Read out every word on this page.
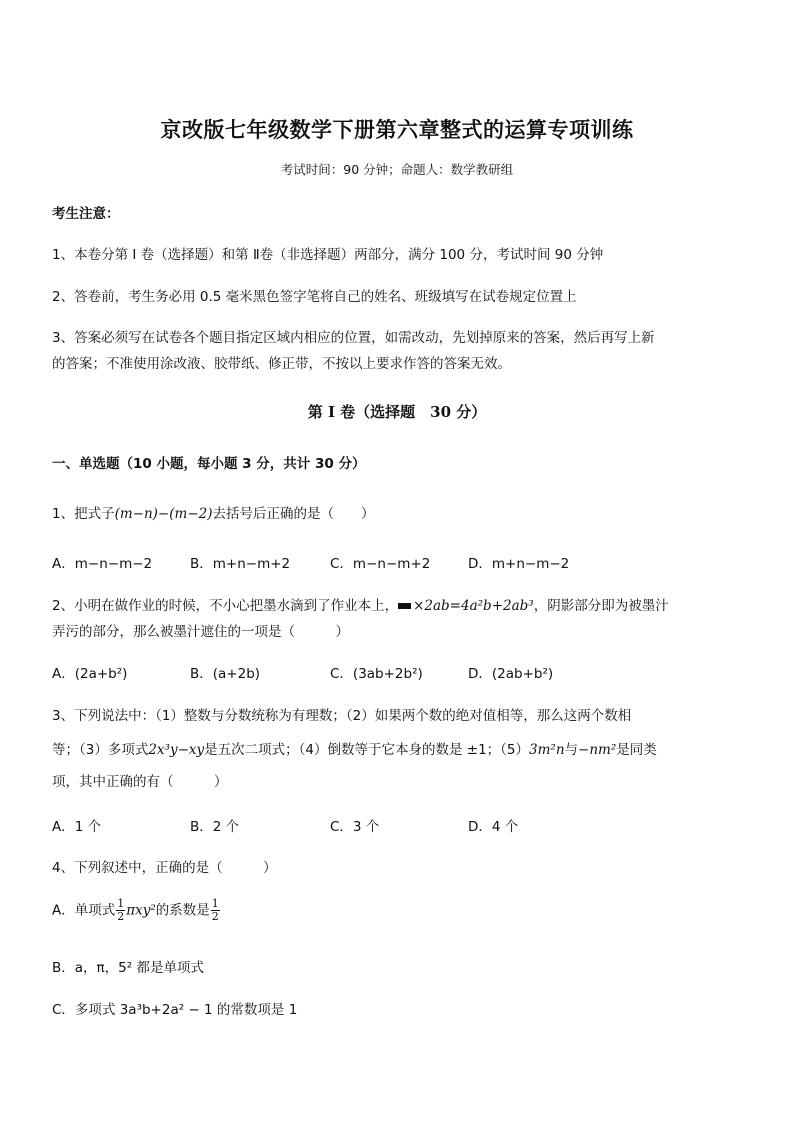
京改版七年级数学下册第六章整式的运算专项训练
考试时间：90 分钟；命题人：数学教研组
考生注意：
1、本卷分第 I 卷（选择题）和第 Ⅱ卷（非选择题）两部分，满分 100 分，考试时间 90 分钟
2、答卷前，考生务必用 0.5 毫米黑色签字笔将自己的姓名、班级填写在试卷规定位置上
3、答案必须写在试卷各个题目指定区域内相应的位置，如需改动，先划掉原来的答案，然后再写上新
的答案；不准使用涂改液、胶带纸、修正带，不按以上要求作答的答案无效。
第 I 卷（选择题　30 分）
一、单选题（10 小题，每小题 3 分，共计 30 分）
1、把式子(m−n)−(m−2)去括号后正确的是（　　）
A．m−n−m−2	B．m+n−m+2	C．m−n−m+2	D．m+n−m−2
2、小明在做作业的时候，不小心把墨水滴到了作业本上， ×2ab=4a²b+2ab³，阴影部分即为被墨汁
弄污的部分，那么被墨汁遮住的一项是（　　　）
A．(2a+b²)	B．(a+2b)	C．(3ab+2b²)	D．(2ab+b²)
3、下列说法中：（1）整数与分数统称为有理数；（2）如果两个数的绝对值相等，那么这两个数相
等；（3）多项式2x³y−xy是五次二项式；（4）倒数等于它本身的数是 ±1；（5）3m²n与−nm²是同类
项，其中正确的有（　　　）
A．1 个	B．2 个	C．3 个	D．4 个
4、下列叙述中，正确的是（　　　）
A．单项式 $\frac{1}{2} \pi xy^2$的系数是 $\frac{1}{2}$
B．a，π，5² 都是单项式
C．多项式 3a³b+2a² − 1 的常数项是 1
